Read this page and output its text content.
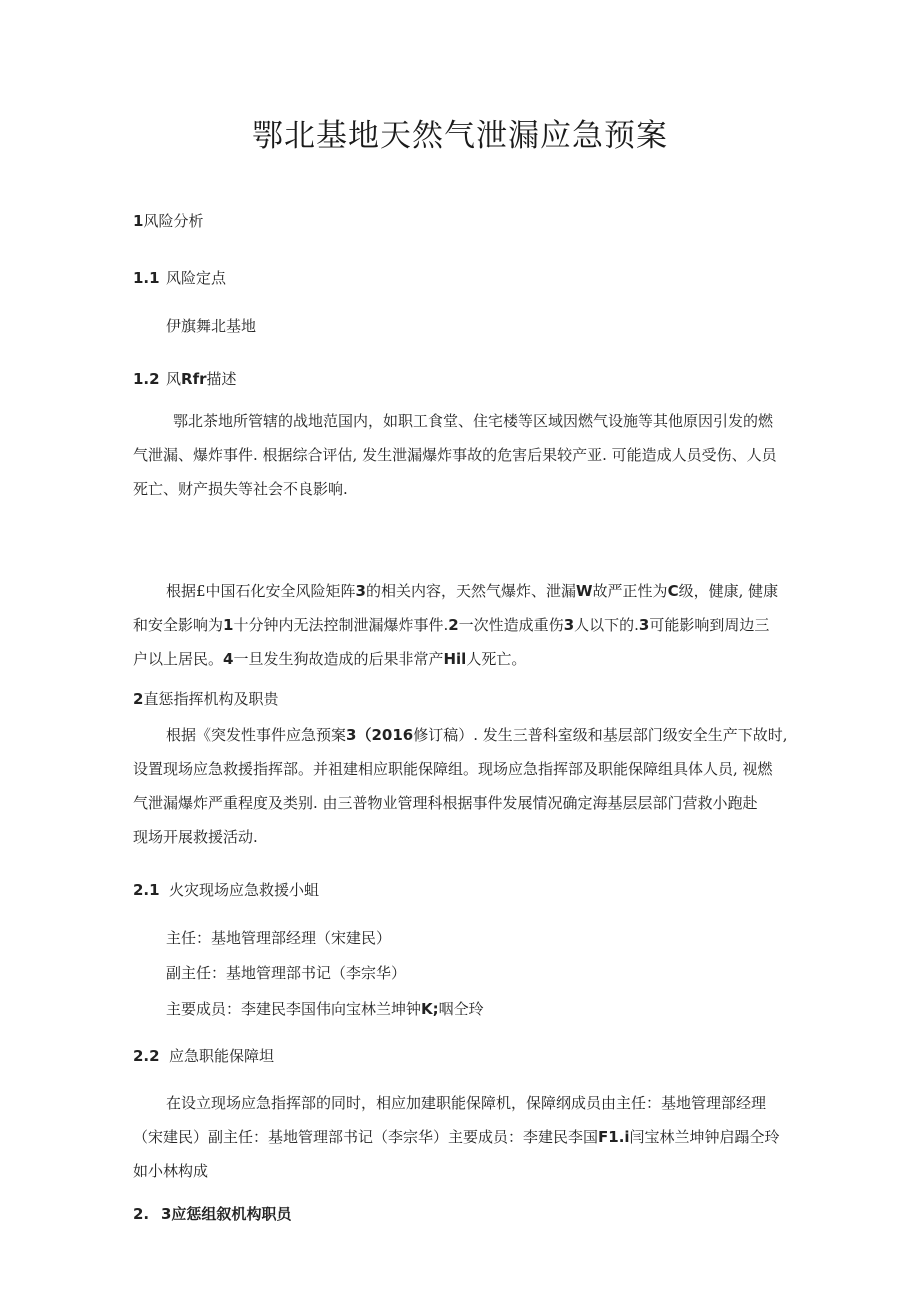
鄂北基地天然气泄漏应急预案
1风险分析
1.1 风险定点
伊旗舞北基地
1.2 风Rfr描述
鄂北茶地所管辖的战地范国内，如职工食堂、住宅楼等区域因燃气设施等其他原因引发的燃
气泄漏、爆炸事件. 根据综合评估, 发生泄漏爆炸事故的危害后果较产亚. 可能造成人员受伤、人员
死亡、财产损失等社会不良影响.
根据£中国石化安全风险矩阵3的相关内容，天然气爆炸、泄漏W故严正性为C级，健康, 健康
和安全影响为1十分钟内无法控制泄漏爆炸事件.2一次性造成重伤3人以下的.3可能影响到周边三
户以上居民。4一旦发生狗故造成的后果非常产Hil人死亡。
2直惩指挥机构及职贵
根据《突发性事件应急预案3（2016修订稿）. 发生三普科室级和基层部门级安全生产下故时,
设置现场应急救援指挥部。并祖建相应职能保障组。现场应急指挥部及职能保障组具体人员, 视燃
气泄漏爆炸严重程度及类别. 由三普物业管理科根据事件发展情况确定海基层层部门营救小跑赴
现场开展救援活动.
2.1 火灾现场应急救援小蛆
主任：基地管理部经理（宋建民）
副主任：基地管理部书记（李宗华）
主要成员：李建民李国伟向宝林兰坤钟K;咽仝玲
2.2 应急职能保障坦
在设立现场应急指挥部的同时，相应加建职能保障机，保障纲成员由主任：基地管理部经理
（宋建民）副主任：基地管理部书记（李宗华）主要成员：李建民李国F1.i闫宝林兰坤钟启蹋仝玲
如小林构成
2. 3应惩组叙机构职员
